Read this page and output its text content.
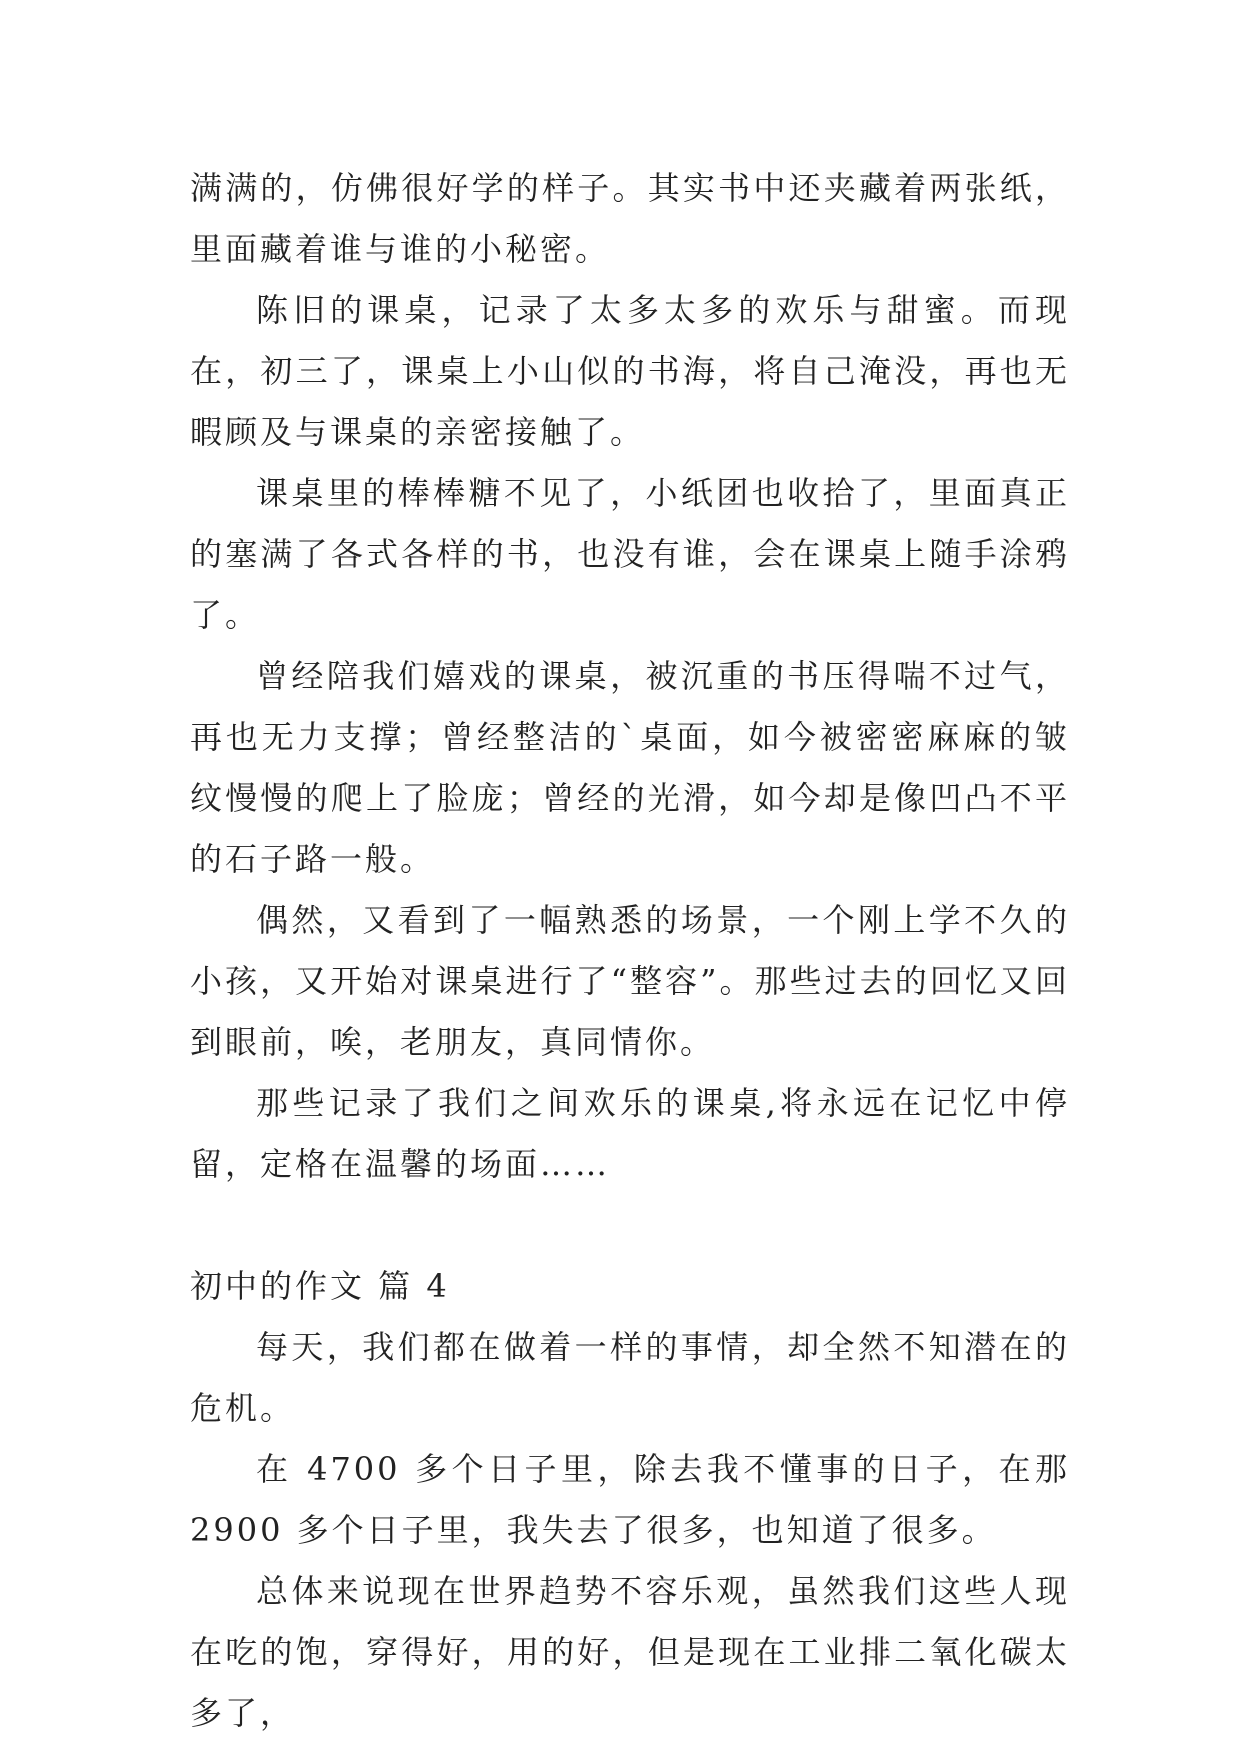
满满的，仿佛很好学的样子。其实书中还夹藏着两张纸，里面藏着谁与谁的小秘密。

陈旧的课桌，记录了太多太多的欢乐与甜蜜。而现在，初三了，课桌上小山似的书海，将自己淹没，再也无暇顾及与课桌的亲密接触了。

课桌里的棒棒糖不见了，小纸团也收拾了，里面真正的塞满了各式各样的书，也没有谁，会在课桌上随手涂鸦了。

曾经陪我们嬉戏的课桌，被沉重的书压得喘不过气，再也无力支撑；曾经整洁的`桌面，如今被密密麻麻的皱纹慢慢的爬上了脸庞；曾经的光滑，如今却是像凹凸不平的石子路一般。

偶然，又看到了一幅熟悉的场景，一个刚上学不久的小孩，又开始对课桌进行了“整容”。那些过去的回忆又回到眼前，唉，老朋友，真同情你。

那些记录了我们之间欢乐的课桌,将永远在记忆中停留，定格在温馨的场面……

初中的作文 篇 4

每天，我们都在做着一样的事情，却全然不知潜在的危机。

在 4700 多个日子里，除去我不懂事的日子，在那 2900 多个日子里，我失去了很多，也知道了很多。

总体来说现在世界趋势不容乐观，虽然我们这些人现在吃的饱，穿得好，用的好，但是现在工业排二氧化碳太多了，
